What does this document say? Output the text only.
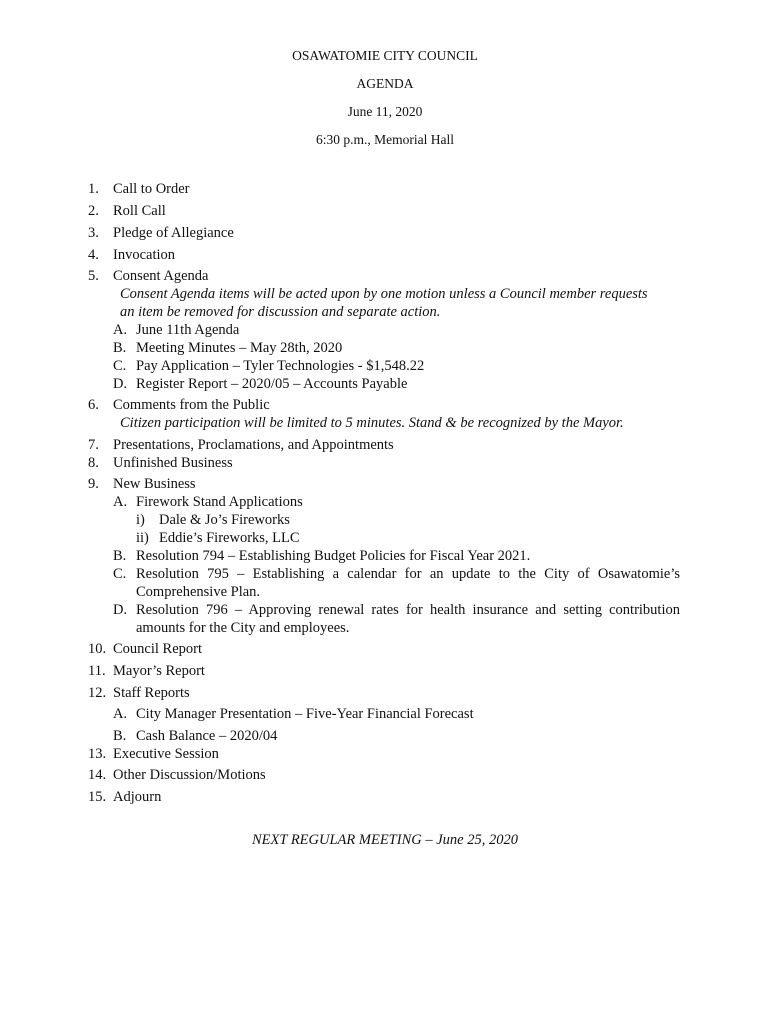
OSAWATOMIE CITY COUNCIL
AGENDA
June 11, 2020
6:30 p.m., Memorial Hall
1. Call to Order
2. Roll Call
3. Pledge of Allegiance
4. Invocation
5. Consent Agenda
Consent Agenda items will be acted upon by one motion unless a Council member requests
an item be removed for discussion and separate action.
A. June 11th Agenda
B. Meeting Minutes – May 28th, 2020
C. Pay Application – Tyler Technologies - $1,548.22
D. Register Report – 2020/05 – Accounts Payable
6. Comments from the Public
Citizen participation will be limited to 5 minutes. Stand & be recognized by the Mayor.
7. Presentations, Proclamations, and Appointments
8. Unfinished Business
9. New Business
A. Firework Stand Applications
i) Dale & Jo’s Fireworks
ii) Eddie’s Fireworks, LLC
B. Resolution 794 – Establishing Budget Policies for Fiscal Year 2021.
C. Resolution 795 – Establishing a calendar for an update to the City of Osawatomie’s
Comprehensive Plan.
D. Resolution 796 – Approving renewal rates for health insurance and setting contribution
amounts for the City and employees.
10. Council Report
11. Mayor’s Report
12. Staff Reports
A. City Manager Presentation – Five-Year Financial Forecast
B. Cash Balance – 2020/04
13. Executive Session
14. Other Discussion/Motions
15. Adjourn
NEXT REGULAR MEETING – June 25, 2020
